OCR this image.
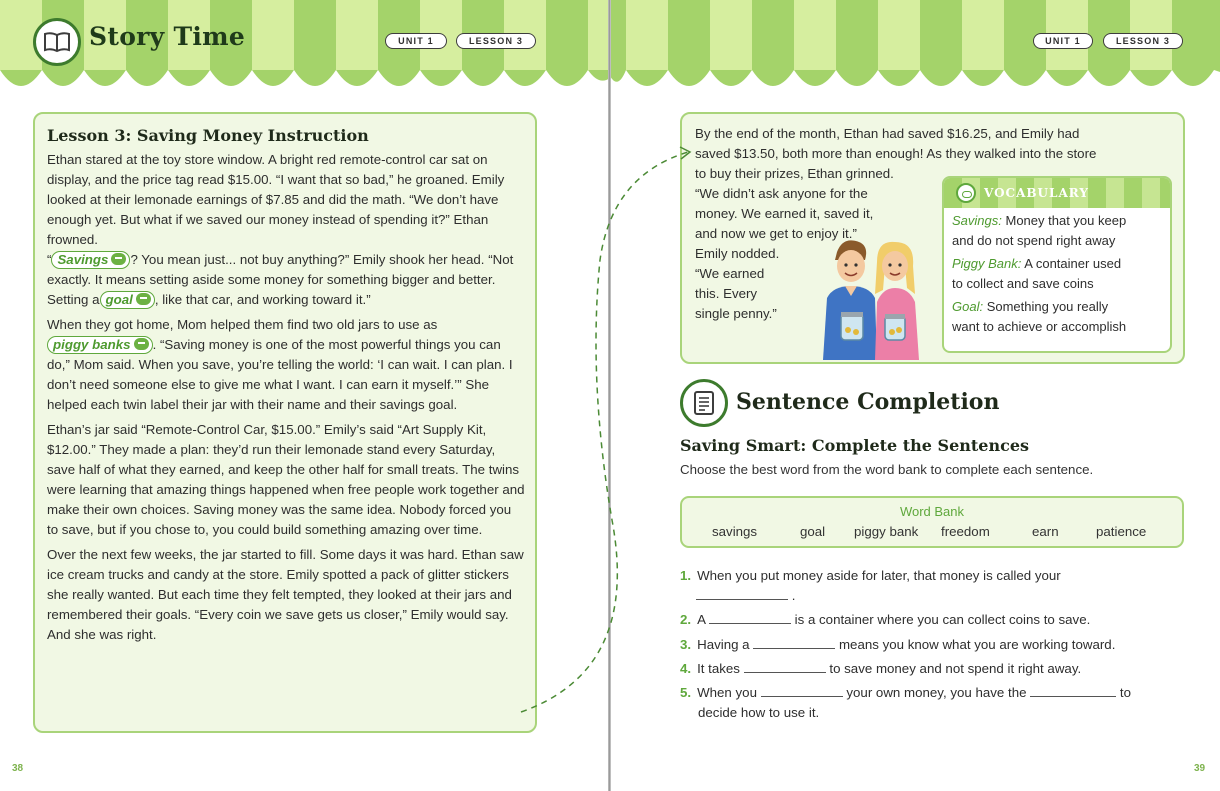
Story Time	UNIT 1	LESSON 3
Lesson 3: Saving Money Instruction

Ethan stared at the toy store window. A bright red remote-control car sat on display, and the price tag read $15.00. “I want that so bad,” he groaned. Emily looked at their lemonade earnings of $7.85 and did the math. “We don’t have enough yet. But what if we saved our money instead of spending it?” Ethan frowned.
“ Savings ? You mean just... not buy anything?” Emily shook her head. “Not exactly. It means setting aside some money for something bigger and better. Setting a goal , like that car, and working toward it.”

When they got home, Mom helped them find two old jars to use as piggy banks . “Saving money is one of the most powerful things you can do,” Mom said. When you save, you’re telling the world: ‘I can wait. I can plan. I don’t need someone else to give me what I want. I can earn it myself.’” She helped each twin label their jar with their name and their savings goal.

Ethan’s jar said “Remote-Control Car, $15.00.” Emily’s said “Art Supply Kit, $12.00.” They made a plan: they’d run their lemonade stand every Saturday, save half of what they earned, and keep the other half for small treats. The twins were learning that amazing things happened when free people work together and make their own choices. Saving money was the same idea. Nobody forced you to save, but if you chose to, you could build something amazing over time.

Over the next few weeks, the jar started to fill. Some days it was hard. Ethan saw ice cream trucks and candy at the store. Emily spotted a pack of glitter stickers she really wanted. But each time they felt tempted, they looked at their jars and remembered their goals. “Every coin we save gets us closer,” Emily would say. And she was right.

38
UNIT 1	LESSON 3
By the end of the month, Ethan had saved $16.25, and Emily had
saved $13.50, both more than enough! As they walked into the store
to buy their prizes, Ethan grinned.
“We didn’t ask anyone for the
money. We earned it, saved it,
and now we get to enjoy it.”
Emily nodded.
“We earned
this. Every
single penny.”
VOCABULARY
Savings: Money that you keep
and do not spend right away
Piggy Bank: A container used
to collect and save coins
Goal: Something you really
want to achieve or accomplish
Sentence Completion
Saving Smart: Complete the Sentences
Choose the best word from the word bank to complete each sentence.
Word Bank
savings	goal piggy bank freedom	earn	patience
1. When you put money aside for later, that money is called your
.
2. A	is a container where you can collect coins to save.
3. Having a	means you know what you are working toward.
4. It takes	to save money and not spend it right away.
5. When you	your own money, you have the	to
decide how to use it.
39
